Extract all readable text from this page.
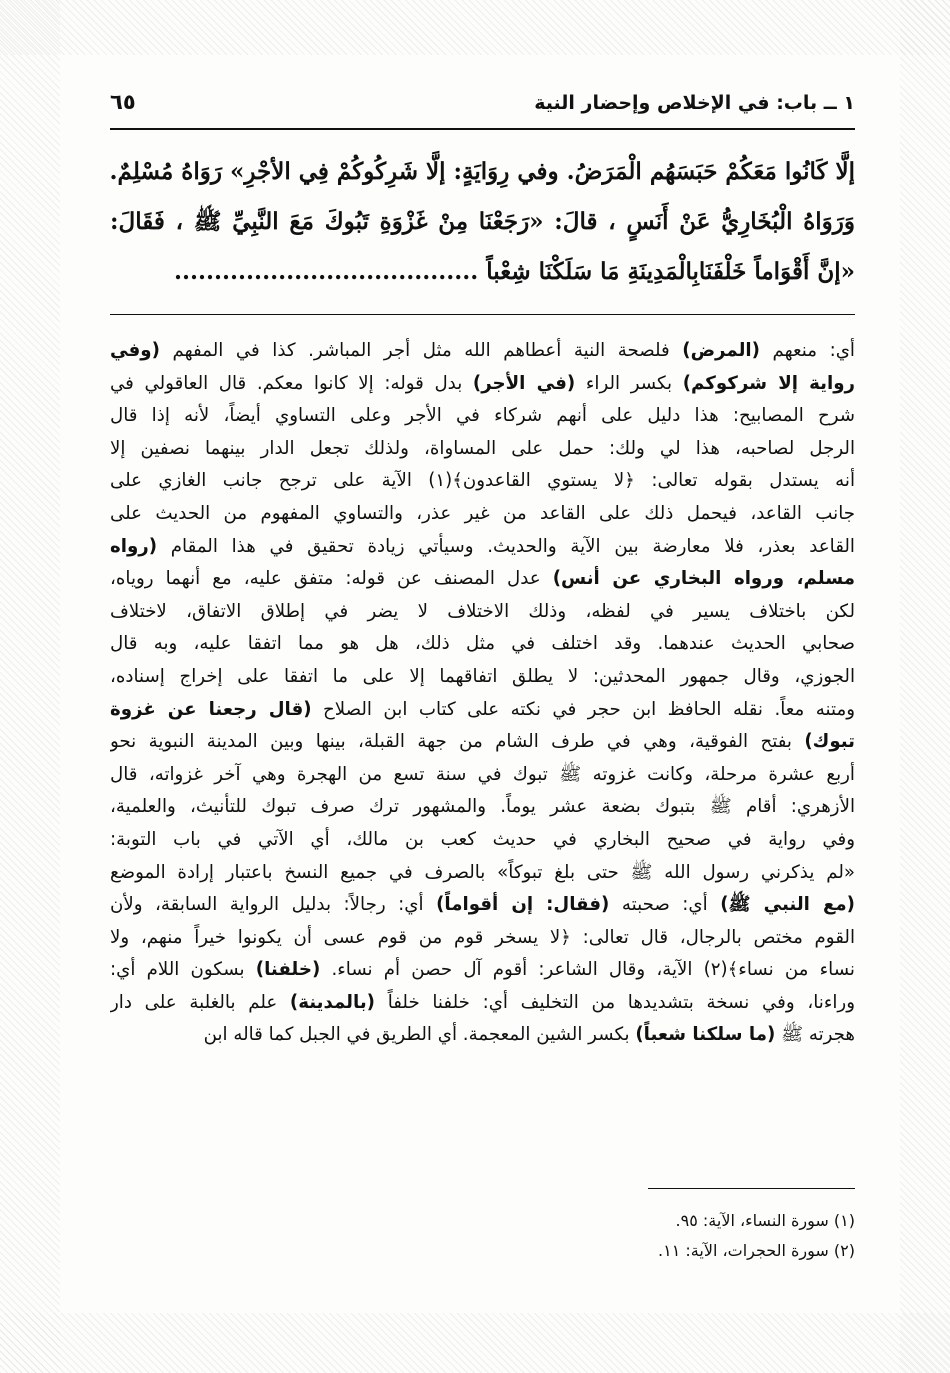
١ ــ باب: في الإخلاص وإحضار النية
٦٥
إلَّا كَانُوا مَعَكُمْ حَبَسَهُم الْمَرَضُ. وفي رِوَايَةٍ: إلَّا شَرِكُوكُمْ فِي الأجْرِ» رَوَاهُ مُسْلِمٌ.
وَرَوَاهُ الْبُخَارِيُّ عَنْ أَنَسٍ ، قالَ: «رَجَعْنَا مِنْ غَزْوَةِ تَبُوكَ مَعَ النَّبِيِّ ﷺ ، فَقَالَ:
«إنَّ أَقْوَاماً خَلْفَنَابِالْمَدِينَةِ مَا سَلَكْنَا شِعْباً ......................................
أي: منعهم (المرض) فلصحة النية أعطاهم الله مثل أجر المباشر. كذا في المفهم (وفي
رواية إلا شركوكم) بكسر الراء (في الأجر) بدل قوله: إلا كانوا معكم. قال العاقولي في
شرح المصابيح: هذا دليل على أنهم شركاء في الأجر وعلى التساوي أيضاً، لأنه إذا قال
الرجل لصاحبه، هذا لي ولك: حمل على المساواة، ولذلك تجعل الدار بينهما نصفين إلا
أنه يستدل بقوله تعالى: ﴿لا يستوي القاعدون﴾(١) الآية على ترجح جانب الغازي على
جانب القاعد، فيحمل ذلك على القاعد من غير عذر، والتساوي المفهوم من الحديث على
القاعد بعذر، فلا معارضة بين الآية والحديث. وسيأتي زيادة تحقيق في هذا المقام (رواه
مسلم، ورواه البخاري عن أنس) عدل المصنف عن قوله: متفق عليه، مع أنهما روياه،
لكن باختلاف يسير في لفظه، وذلك الاختلاف لا يضر في إطلاق الاتفاق، لاختلاف
صحابي الحديث عندهما. وقد اختلف في مثل ذلك، هل هو مما اتفقا عليه، وبه قال
الجوزي، وقال جمهور المحدثين: لا يطلق اتفاقهما إلا على ما اتفقا على إخراج إسناده،
ومتنه معاً. نقله الحافظ ابن حجر في نكته على كتاب ابن الصلاح (قال رجعنا عن غزوة
تبوك) بفتح الفوقية، وهي في طرف الشام من جهة القبلة، بينها وبين المدينة النبوية نحو
أربع عشرة مرحلة، وكانت غزوته ﷺ تبوك في سنة تسع من الهجرة وهي آخر غزواته، قال
الأزهري: أقام ﷺ بتبوك بضعة عشر يوماً. والمشهور ترك صرف تبوك للتأنيث، والعلمية،
وفي رواية في صحيح البخاري في حديث كعب بن مالك، أي الآتي في باب التوبة:
«لم يذكرني رسول الله ﷺ حتى بلغ تبوكاً» بالصرف في جميع النسخ باعتبار إرادة الموضع
(مع النبي ﷺ) أي: صحبته (فقال: إن أقواماً) أي: رجالاً: بدليل الرواية السابقة، ولأن
القوم مختص بالرجال، قال تعالى: ﴿لا يسخر قوم من قوم عسى أن يكونوا خيراً منهم، ولا
نساء من نساء﴾(٢) الآية، وقال الشاعر: أقوم آل حصن أم نساء. (خلفنا) بسكون اللام أي:
وراءنا، وفي نسخة بتشديدها من التخليف أي: خلفنا خلفاً (بالمدينة) علم بالغلبة على دار
هجرته ﷺ (ما سلكنا شعباً) بكسر الشين المعجمة. أي الطريق في الجبل كما قاله ابن
(١) سورة النساء، الآية: ٩٥.
(٢) سورة الحجرات، الآية: ١١.
